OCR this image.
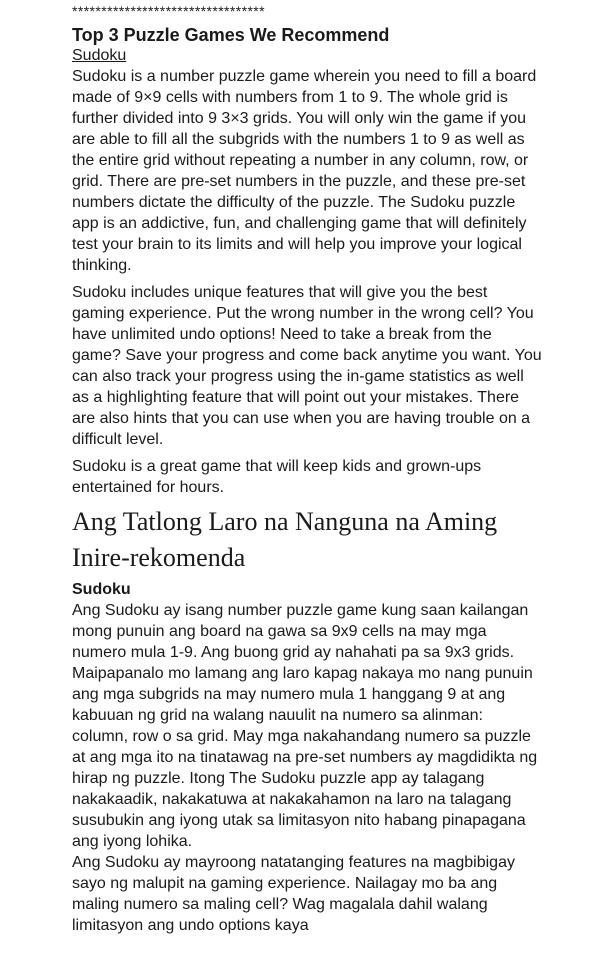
*********************************
Top 3 Puzzle Games We Recommend

Sudoku

Sudoku is a number puzzle game wherein you need to fill a board made of 9×9 cells with numbers from 1 to 9. The whole grid is further divided into 9 3×3 grids. You will only win the game if you are able to fill all the subgrids with the numbers 1 to 9 as well as the entire grid without repeating a number in any column, row, or grid. There are pre-set numbers in the puzzle, and these pre-set numbers dictate the difficulty of the puzzle. The Sudoku puzzle app is an addictive, fun, and challenging game that will definitely test your brain to its limits and will help you improve your logical thinking.

Sudoku includes unique features that will give you the best gaming experience. Put the wrong number in the wrong cell? You have unlimited undo options! Need to take a break from the game? Save your progress and come back anytime you want. You can also track your progress using the in-game statistics as well as a highlighting feature that will point out your mistakes. There are also hints that you can use when you are having trouble on a difficult level.

Sudoku is a great game that will keep kids and grown-ups entertained for hours.

Ang Tatlong Laro na Nanguna na Aming Inire-rekomenda

Sudoku

Ang Sudoku ay isang number puzzle game kung saan kailangan mong punuin ang board na gawa sa 9x9 cells na may mga numero mula 1-9. Ang buong grid ay nahahati pa sa 9x3 grids. Maipapanalo mo lamang ang laro kapag nakaya mo nang punuin ang mga subgrids na may numero mula 1 hanggang 9 at ang kabuuan ng grid na walang nauulit na numero sa alinman: column, row o sa grid. May mga nakahandang numero sa puzzle at ang mga ito na tinatawag na pre-set numbers ay magdidikta ng hirap ng puzzle. Itong The Sudoku puzzle app ay talagang nakakaadik, nakakatuwa at nakakahamon na laro na talagang susubukin ang iyong utak sa limitasyon nito habang pinapagana ang iyong lohika.

Ang Sudoku ay mayroong natatanging features na magbibigay sayo ng malupit na gaming experience. Nailagay mo ba ang maling numero sa maling cell? Wag magalala dahil walang limitasyon ang undo options kaya
